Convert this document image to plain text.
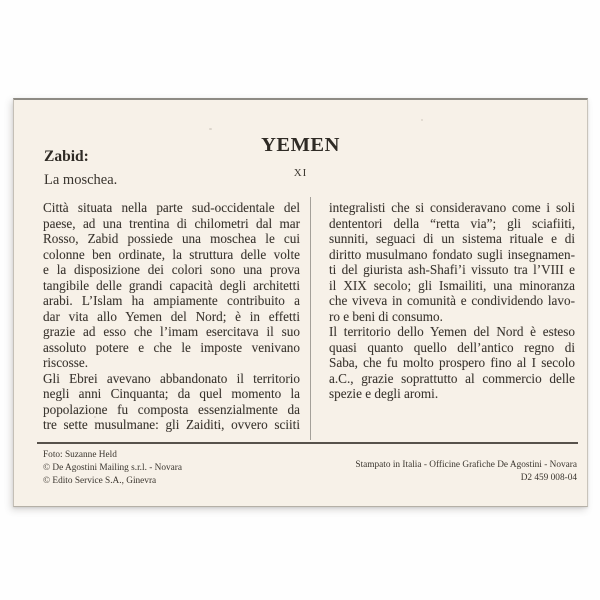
YEMEN
XI
Zabid:
La moschea.
Città situata nella parte sud-occidentale del
paese, ad una trentina di chilometri dal mar
Rosso, Zabid possiede una moschea le cui
colonne ben ordinate, la struttura delle volte
e la disposizione dei colori sono una prova
tangibile delle grandi capacità degli architetti
arabi. L’Islam ha ampiamente contribuito a
dar vita allo Yemen del Nord; è in effetti
grazie ad esso che l’imam esercitava il suo
assoluto potere e che le imposte venivano
riscosse.
Gli Ebrei avevano abbandonato il territorio
negli anni Cinquanta; da quel momento la
popolazione fu composta essenzialmente da
tre sette musulmane: gli Zaiditi, ovvero sciiti
integralisti che si consideravano come i soli
dententori della “retta via”; gli sciafiiti,
sunniti, seguaci di un sistema rituale e di
diritto musulmano fondato sugli insegnamen-
ti del giurista ash-Shafi’i vissuto tra l’VIII e
il XIX secolo; gli Ismailiti, una minoranza
che viveva in comunità e condividendo lavo-
ro e beni di consumo.
Il territorio dello Yemen del Nord è esteso
quasi quanto quello dell’antico regno di
Saba, che fu molto prospero fino al I secolo
a.C., grazie soprattutto al commercio delle
spezie e degli aromi.
Foto: Suzanne Held
© De Agostini Mailing s.r.l. - Novara
© Edito Service S.A., Ginevra
Stampato in Italia - Officine Grafiche De Agostini - Novara
D2 459 008-04
